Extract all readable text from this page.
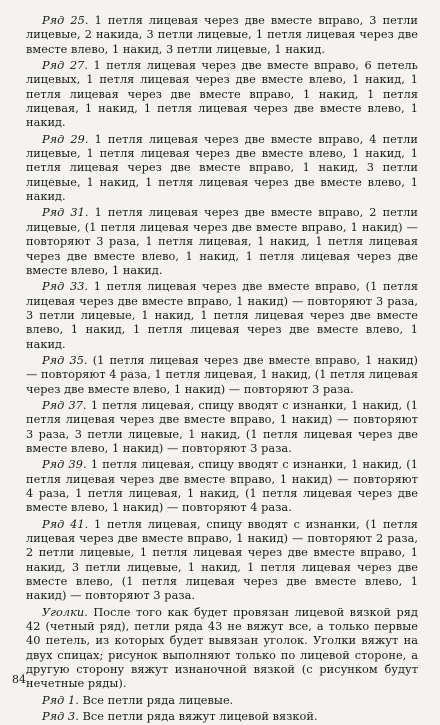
Ряд 25. 1 петля лицевая через две вместе вправо, 3 петли лицевые, 2 накида, 3 петли лицевые, 1 петля лицевая через две вместе влево, 1 накид, 3 петли лицевые, 1 накид.

Ряд 27. 1 петля лицевая через две вместе вправо, 6 петель лицевых, 1 петля лицевая через две вместе влево, 1 накид, 1 петля лицевая через две вместе вправо, 1 накид, 1 петля лицевая, 1 накид, 1 петля лицевая через две вместе влево, 1 накид.

Ряд 29. 1 петля лицевая через две вместе вправо, 4 петли лицевые, 1 петля лицевая через две вместе влево, 1 накид, 1 петля лицевая через две вместе вправо, 1 накид, 3 петли лицевые, 1 накид, 1 петля лицевая через две вместе влево, 1 накид.

Ряд 31. 1 петля лицевая через две вместе вправо, 2 петли лицевые, (1 петля лицевая через две вместе вправо, 1 накид) — повторяют 3 раза, 1 петля лицевая, 1 накид, 1 петля лицевая через две вместе влево, 1 накид, 1 петля лицевая через две вместе влево, 1 накид.

Ряд 33. 1 петля лицевая через две вместе вправо, (1 петля лицевая через две вместе вправо, 1 накид) — повторяют 3 раза, 3 петли лицевые, 1 накид, 1 петля лицевая через две вместе влево, 1 накид, 1 петля лицевая через две вместе влево, 1 накид.

Ряд 35. (1 петля лицевая через две вместе вправо, 1 накид) — повторяют 4 раза, 1 петля лицевая, 1 накид, (1 петля лицевая через две вместе влево, 1 накид) — повторяют 3 раза.

Ряд 37. 1 петля лицевая, спицу вводят с изнанки, 1 накид, (1 петля лицевая через две вместе вправо, 1 накид) — повторяют 3 раза, 3 петли лицевые, 1 накид, (1 петля лицевая через две вместе влево, 1 накид) — повторяют 3 раза.

Ряд 39. 1 петля лицевая, спицу вводят с изнанки, 1 накид, (1 петля лицевая через две вместе вправо, 1 накид) — повторяют 4 раза, 1 петля лицевая, 1 накид, (1 петля лицевая через две вместе влево, 1 накид) — повторяют 4 раза.

Ряд 41. 1 петля лицевая, спицу вводят с изнанки, (1 петля лицевая через две вместе вправо, 1 накид) — повторяют 2 раза, 2 петли лицевые, 1 петля лицевая через две вместе вправо, 1 накид, 3 петли лицевые, 1 накид, 1 петля лицевая через две вместе влево, (1 петля лицевая через две вместе влево, 1 накид) — повторяют 3 раза.

Уголки. После того как будет провязан лицевой вязкой ряд 42 (четный ряд), петли ряда 43 не вяжут все, а только первые 40 петель, из которых будет вывязан уголок. Уголки вяжут на двух спицах; рисунок выполняют только по лицевой стороне, а другую сторону вяжут изнаночной вязкой (с рисунком будут нечетные ряды).

Ряд 1. Все петли ряда лицевые.

Ряд 3. Все петли ряда вяжут лицевой вязкой.

84
